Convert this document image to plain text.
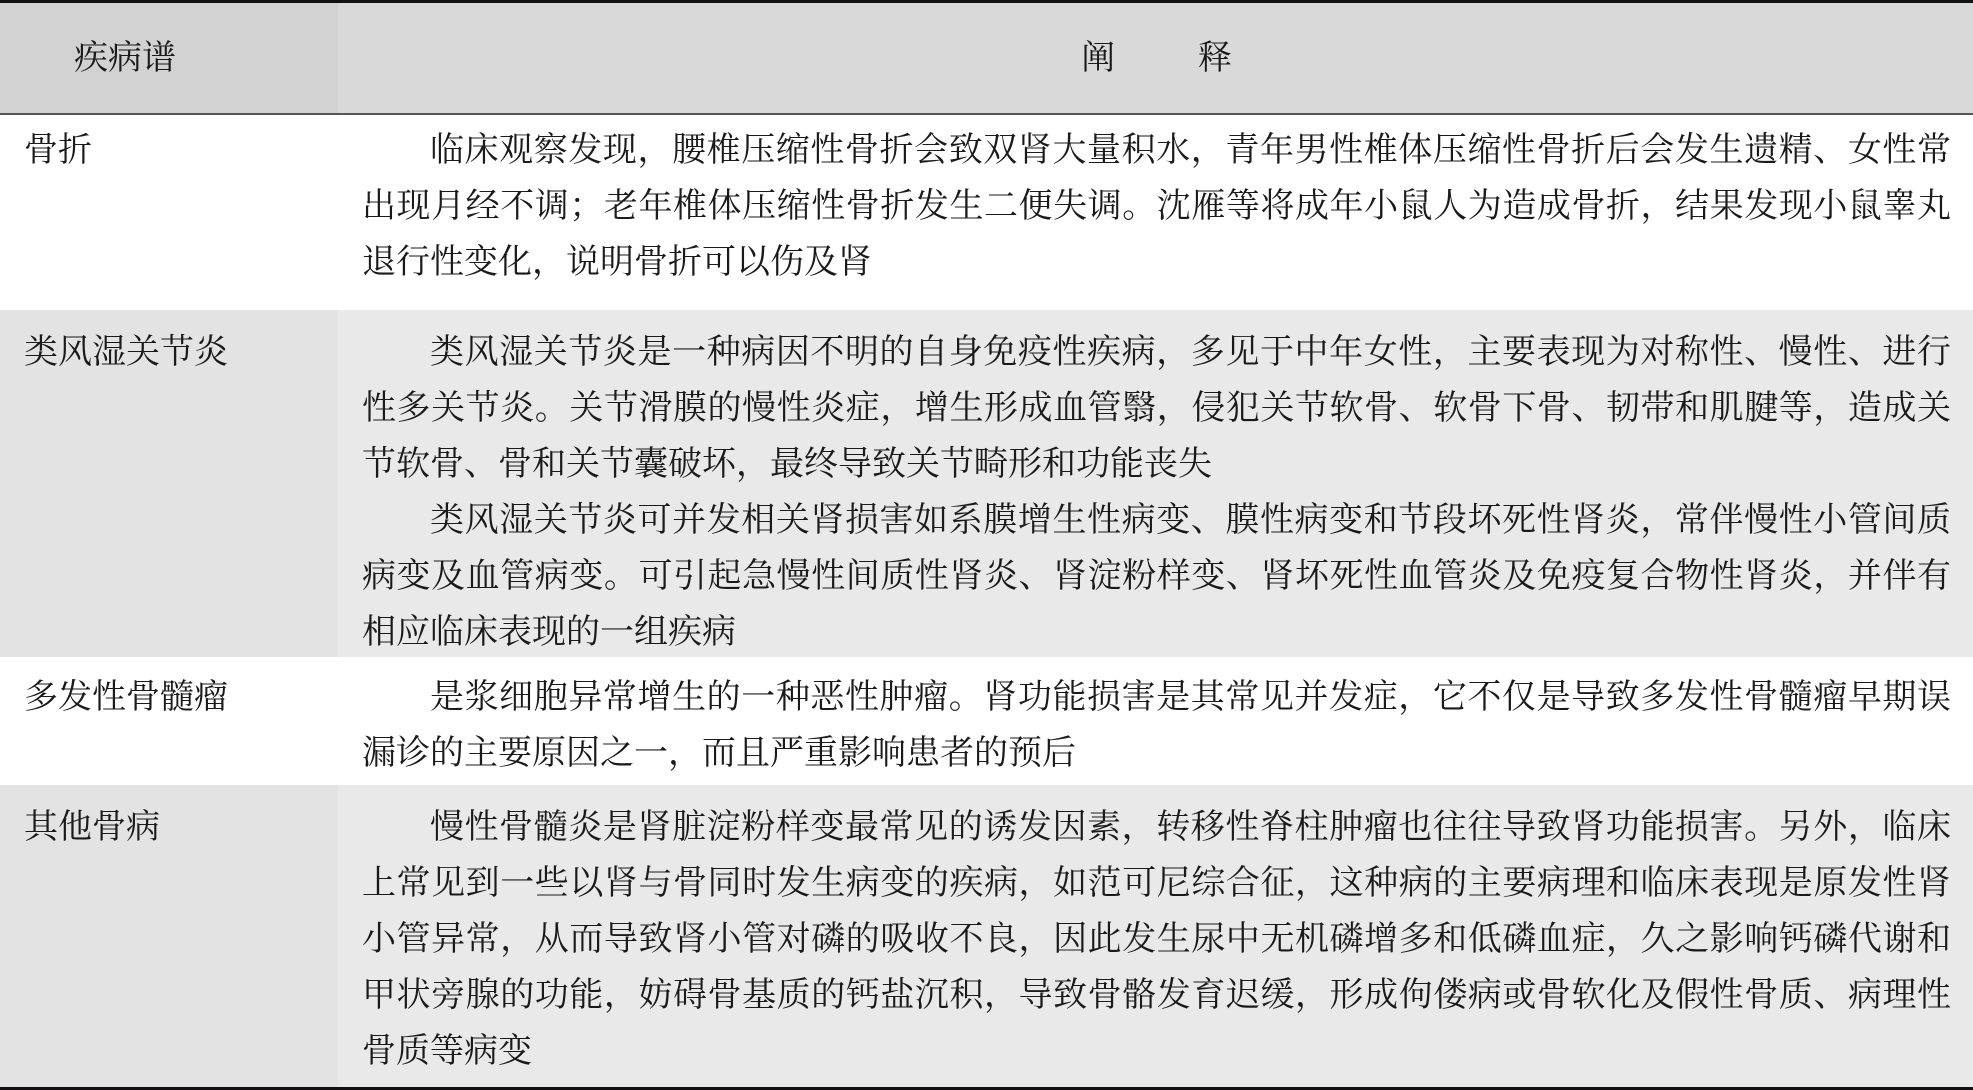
疾病谱	阐 释
骨折	临床观察发现，腰椎压缩性骨折会致双肾大量积水，青年男性椎体压缩性骨折后会发生遗精、女性常出现月经不调；老年椎体压缩性骨折发生二便失调。沈雁等将成年小鼠人为造成骨折，结果发现小鼠睾丸退行性变化，说明骨折可以伤及肾

类风湿关节炎	类风湿关节炎是一种病因不明的自身免疫性疾病，多见于中年女性，主要表现为对称性、慢性、进行性多关节炎。关节滑膜的慢性炎症，增生形成血管翳，侵犯关节软骨、软骨下骨、韧带和肌腱等，造成关节软骨、骨和关节囊破坏，最终导致关节畸形和功能丧失

类风湿关节炎可并发相关肾损害如系膜增生性病变、膜性病变和节段坏死性肾炎，常伴慢性小管间质病变及血管病变。可引起急慢性间质性肾炎、肾淀粉样变、肾坏死性血管炎及免疫复合物性肾炎，并伴有相应临床表现的一组疾病

多发性骨髓瘤	是浆细胞异常增生的一种恶性肿瘤。肾功能损害是其常见并发症，它不仅是导致多发性骨髓瘤早期误漏诊的主要原因之一，而且严重影响患者的预后

其他骨病	慢性骨髓炎是肾脏淀粉样变最常见的诱发因素，转移性脊柱肿瘤也往往导致肾功能损害。另外，临床上常见到一些以肾与骨同时发生病变的疾病，如范可尼综合征，这种病的主要病理和临床表现是原发性肾小管异常，从而导致肾小管对磷的吸收不良，因此发生尿中无机磷增多和低磷血症，久之影响钙磷代谢和甲状旁腺的功能，妨碍骨基质的钙盐沉积，导致骨骼发育迟缓，形成佝偻病或骨软化及假性骨质、病理性骨质等病变
